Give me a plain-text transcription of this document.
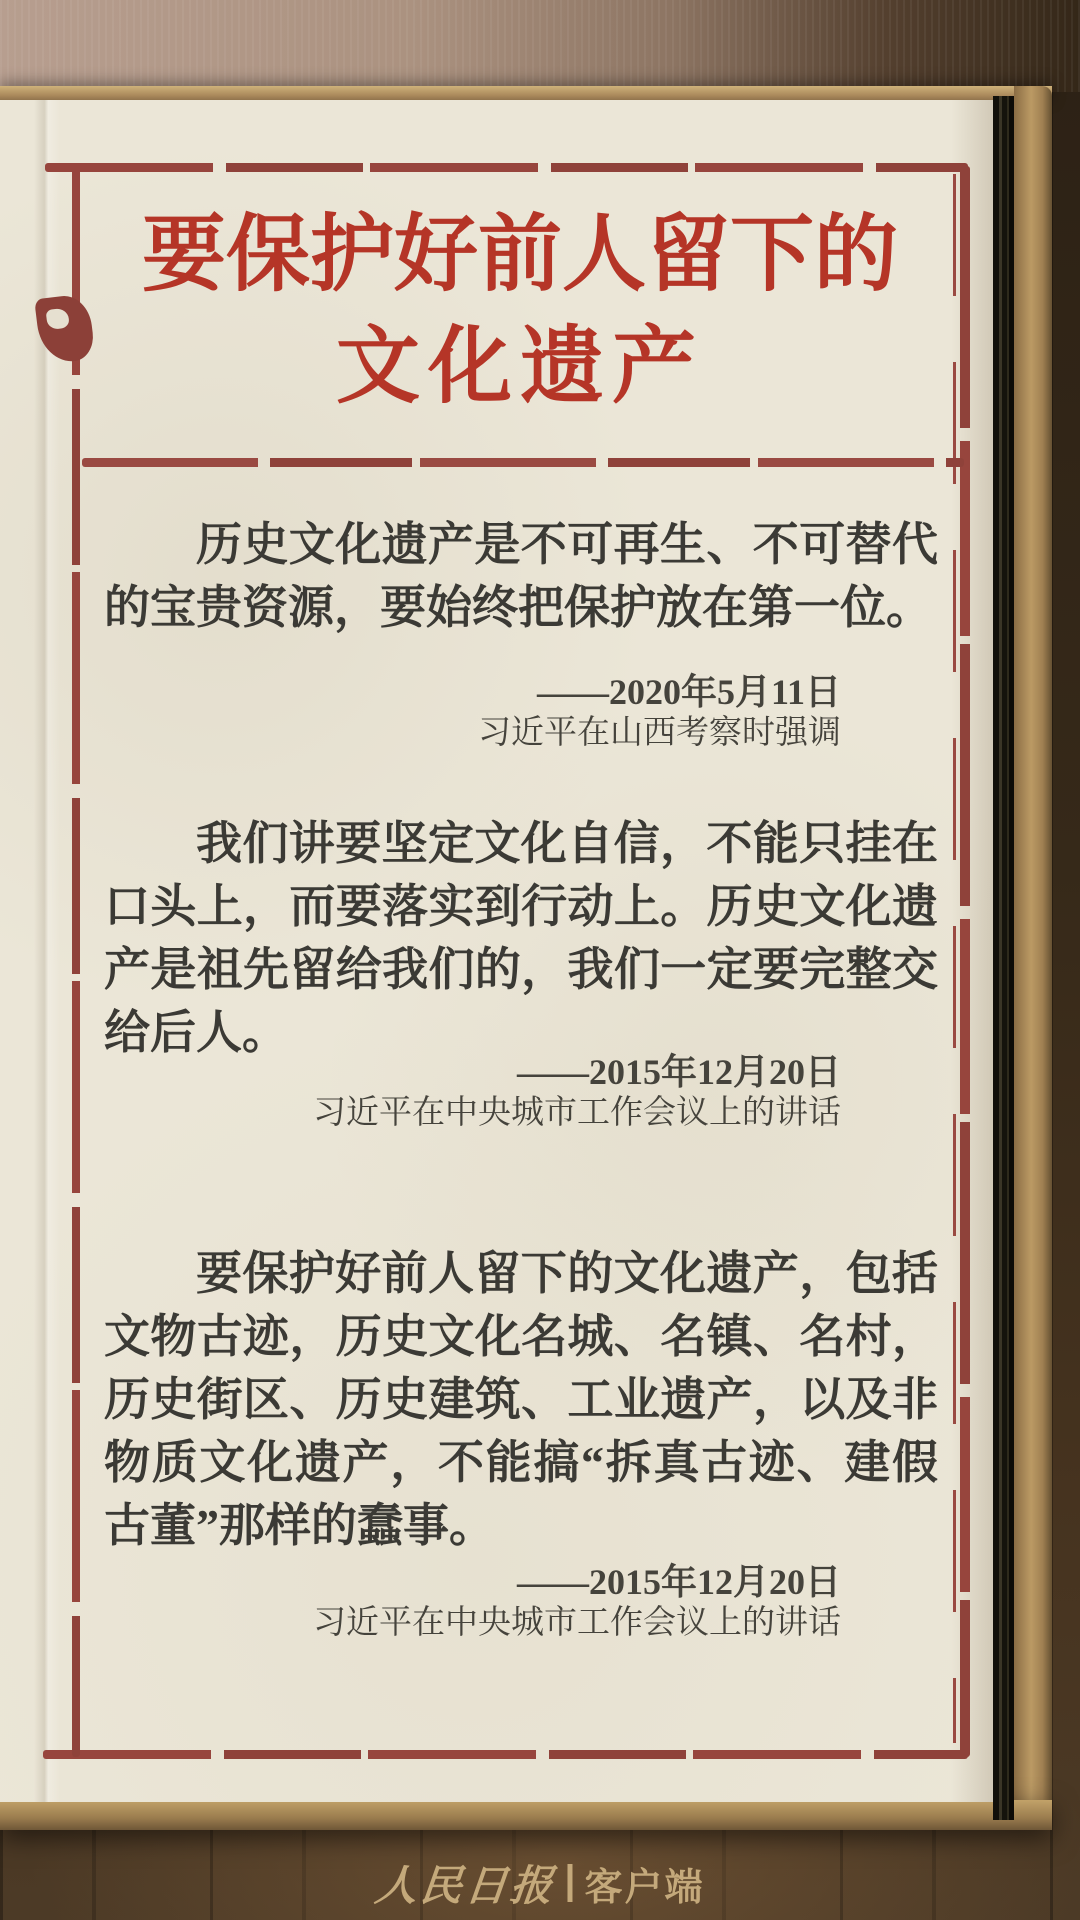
要保护好前人留下的
文化遗产

历史文化遗产是不可再生、不可替代的宝贵资源，要始终把保护放在第一位。

——2020年5月11日
习近平在山西考察时强调

我们讲要坚定文化自信，不能只挂在口头上，而要落实到行动上。历史文化遗产是祖先留给我们的，我们一定要完整交给后人。

——2015年12月20日
习近平在中央城市工作会议上的讲话

要保护好前人留下的文化遗产，包括文物古迹，历史文化名城、名镇、名村，历史街区、历史建筑、工业遗产，以及非物质文化遗产，不能搞“拆真古迹、建假古董”那样的蠢事。

——2015年12月20日
习近平在中央城市工作会议上的讲话
人民日报 客户端
